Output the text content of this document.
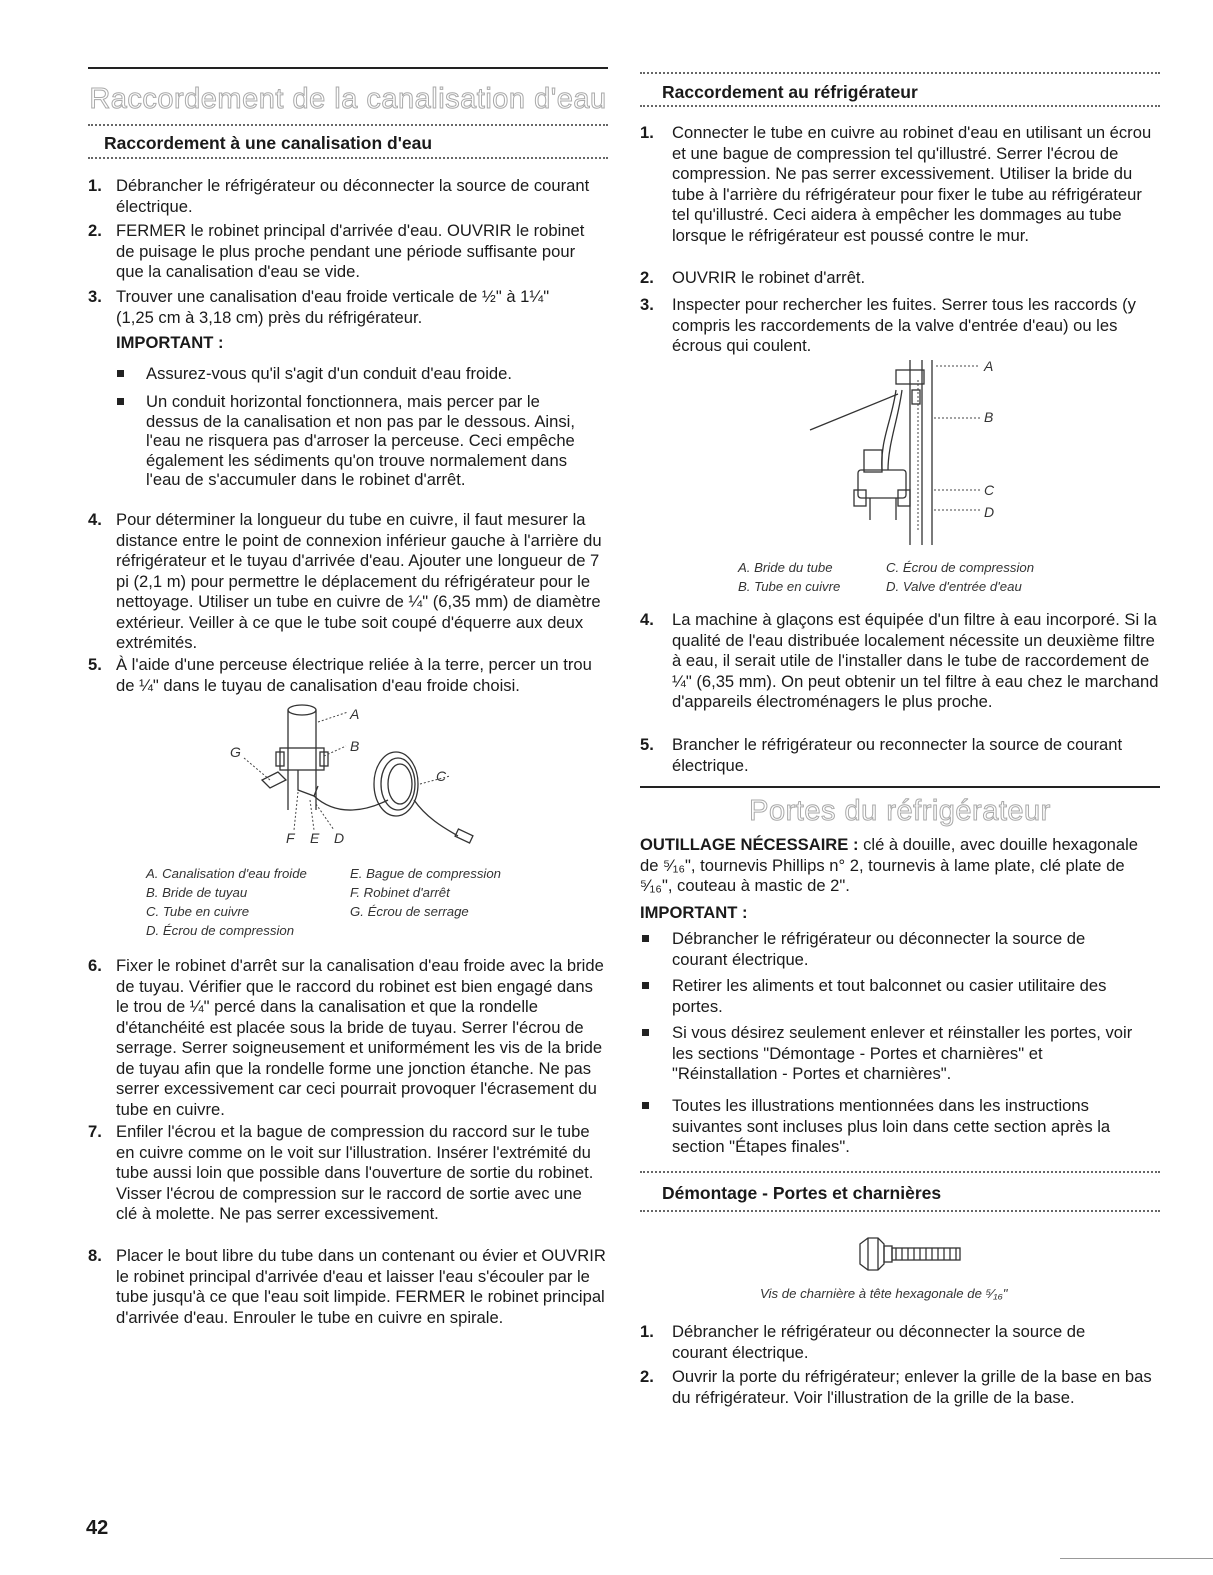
Raccordement de la canalisation d'eau
Raccordement à une canalisation d'eau
1. Débrancher le réfrigérateur ou déconnecter la source de courant électrique.
2. FERMER le robinet principal d'arrivée d'eau. OUVRIR le robinet de puisage le plus proche pendant une période suffisante pour que la canalisation d'eau se vide.
3. Trouver une canalisation d'eau froide verticale de ½" à 1¼" (1,25 cm à 3,18 cm) près du réfrigérateur.
IMPORTANT :
Assurez-vous qu'il s'agit d'un conduit d'eau froide.
Un conduit horizontal fonctionnera, mais percer par le dessus de la canalisation et non pas par le dessous. Ainsi, l'eau ne risquera pas d'arroser la perceuse. Ceci empêche également les sédiments qu'on trouve normalement dans l'eau de s'accumuler dans le robinet d'arrêt.
4. Pour déterminer la longueur du tube en cuivre, il faut mesurer la distance entre le point de connexion inférieur gauche à l'arrière du réfrigérateur et le tuyau d'arrivée d'eau. Ajouter une longueur de 7 pi (2,1 m) pour permettre le déplacement du réfrigérateur pour le nettoyage. Utiliser un tube en cuivre de ¼" (6,35 mm) de diamètre extérieur. Veiller à ce que le tube soit coupé d'équerre aux deux extrémités.
5. À l'aide d'une perceuse électrique reliée à la terre, percer un trou de ¼" dans le tuyau de canalisation d'eau froide choisi.
A
B
C
D
E
F
G
A. Canalisation d'eau froide
B. Bride de tuyau
C. Tube en cuivre
D. Écrou de compression
E. Bague de compression
F. Robinet d'arrêt
G. Écrou de serrage
6. Fixer le robinet d'arrêt sur la canalisation d'eau froide avec la bride de tuyau. Vérifier que le raccord du robinet est bien engagé dans le trou de ¼" percé dans la canalisation et que la rondelle d'étanchéité est placée sous la bride de tuyau. Serrer l'écrou de serrage. Serrer soigneusement et uniformément les vis de la bride de tuyau afin que la rondelle forme une jonction étanche. Ne pas serrer excessivement car ceci pourrait provoquer l'écrasement du tube en cuivre.
7. Enfiler l'écrou et la bague de compression du raccord sur le tube en cuivre comme on le voit sur l'illustration. Insérer l'extrémité du tube aussi loin que possible dans l'ouverture de sortie du robinet. Visser l'écrou de compression sur le raccord de sortie avec une clé à molette. Ne pas serrer excessivement.
8. Placer le bout libre du tube dans un contenant ou évier et OUVRIR le robinet principal d'arrivée d'eau et laisser l'eau s'écouler par le tube jusqu'à ce que l'eau soit limpide. FERMER le robinet principal d'arrivée d'eau. Enrouler le tube en cuivre en spirale.
Raccordement au réfrigérateur
1. Connecter le tube en cuivre au robinet d'eau en utilisant un écrou et une bague de compression tel qu'illustré. Serrer l'écrou de compression. Ne pas serrer excessivement. Utiliser la bride du tube à l'arrière du réfrigérateur pour fixer le tube au réfrigérateur tel qu'illustré. Ceci aidera à empêcher les dommages au tube lorsque le réfrigérateur est poussé contre le mur.
2. OUVRIR le robinet d'arrêt.
3. Inspecter pour rechercher les fuites. Serrer tous les raccords (y compris les raccordements de la valve d'entrée d'eau) ou les écrous qui coulent.
A
B
C
D
A. Bride du tube
B. Tube en cuivre
C. Écrou de compression
D. Valve d'entrée d'eau
4. La machine à glaçons est équipée d'un filtre à eau incorporé. Si la qualité de l'eau distribuée localement nécessite un deuxième filtre à eau, il serait utile de l'installer dans le tube de raccordement de ¼" (6,35 mm). On peut obtenir un tel filtre à eau chez le marchand d'appareils électroménagers le plus proche.
5. Brancher le réfrigérateur ou reconnecter la source de courant électrique.
Portes du réfrigérateur
OUTILLAGE NÉCESSAIRE : clé à douille, avec douille hexagonale de ⁵⁄₁₆", tournevis Phillips n° 2, tournevis à lame plate, clé plate de ⁵⁄₁₆", couteau à mastic de 2".
IMPORTANT :
Débrancher le réfrigérateur ou déconnecter la source de courant électrique.
Retirer les aliments et tout balconnet ou casier utilitaire des portes.
Si vous désirez seulement enlever et réinstaller les portes, voir les sections "Démontage - Portes et charnières" et "Réinstallation - Portes et charnières".
Toutes les illustrations mentionnées dans les instructions suivantes sont incluses plus loin dans cette section après la section "Étapes finales".
Démontage - Portes et charnières
Vis de charnière à tête hexagonale de ⁵⁄₁₆"
1. Débrancher le réfrigérateur ou déconnecter la source de courant électrique.
2. Ouvrir la porte du réfrigérateur; enlever la grille de la base en bas du réfrigérateur. Voir l'illustration de la grille de la base.
42
